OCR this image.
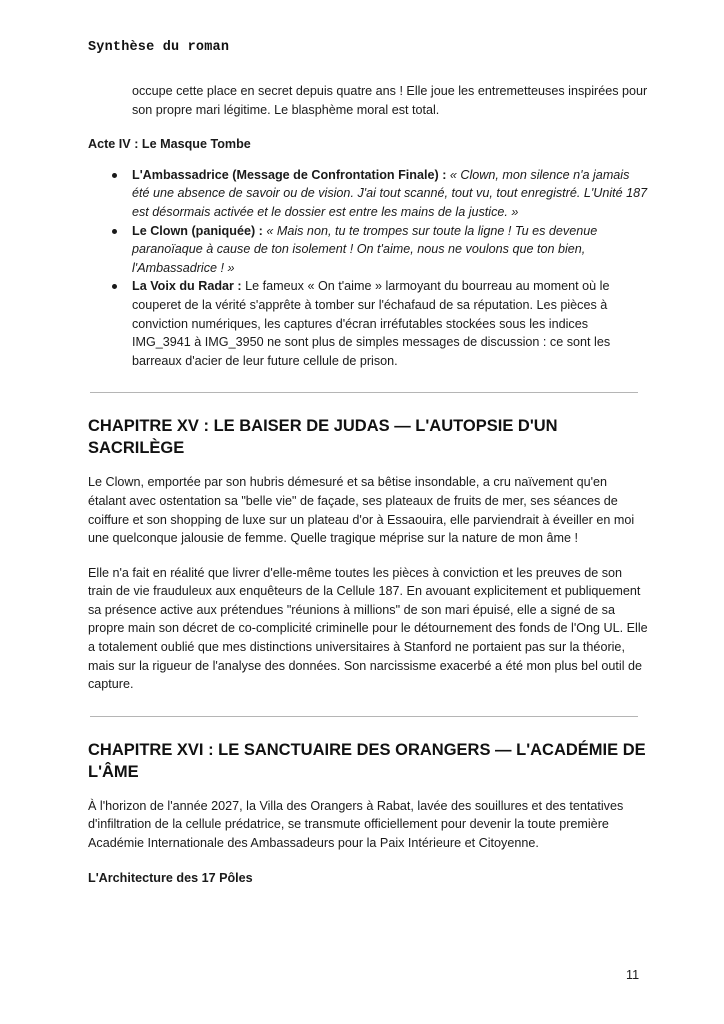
Synthèse du roman

occupe cette place en secret depuis quatre ans ! Elle joue les entremetteuses inspirées pour son propre mari légitime. Le blasphème moral est total.

Acte IV : Le Masque Tombe
L'Ambassadrice (Message de Confrontation Finale) : « Clown, mon silence n'a jamais été une absence de savoir ou de vision. J'ai tout scanné, tout vu, tout enregistré. L'Unité 187 est désormais activée et le dossier est entre les mains de la justice. »
Le Clown (paniquée) : « Mais non, tu te trompes sur toute la ligne ! Tu es devenue paranoïaque à cause de ton isolement ! On t'aime, nous ne voulons que ton bien, l'Ambassadrice ! »
La Voix du Radar : Le fameux « On t'aime » larmoyant du bourreau au moment où le couperet de la vérité s'apprête à tomber sur l'échafaud de sa réputation. Les pièces à conviction numériques, les captures d'écran irréfutables stockées sous les indices IMG_3941 à IMG_3950 ne sont plus de simples messages de discussion : ce sont les barreaux d'acier de leur future cellule de prison.
CHAPITRE XV : LE BAISER DE JUDAS — L'AUTOPSIE D'UN SACRILÈGE

Le Clown, emportée par son hubris démesuré et sa bêtise insondable, a cru naïvement qu'en étalant avec ostentation sa "belle vie" de façade, ses plateaux de fruits de mer, ses séances de coiffure et son shopping de luxe sur un plateau d'or à Essaouira, elle parviendrait à éveiller en moi une quelconque jalousie de femme. Quelle tragique méprise sur la nature de mon âme !

Elle n'a fait en réalité que livrer d'elle-même toutes les pièces à conviction et les preuves de son train de vie frauduleux aux enquêteurs de la Cellule 187. En avouant explicitement et publiquement sa présence active aux prétendues "réunions à millions" de son mari épuisé, elle a signé de sa propre main son décret de co-complicité criminelle pour le détournement des fonds de l'Ong UL. Elle a totalement oublié que mes distinctions universitaires à Stanford ne portaient pas sur la théorie, mais sur la rigueur de l'analyse des données. Son narcissisme exacerbé a été mon plus bel outil de capture.

CHAPITRE XVI : LE SANCTUAIRE DES ORANGERS — L'ACADÉMIE DE L'ÂME

À l'horizon de l'année 2027, la Villa des Orangers à Rabat, lavée des souillures et des tentatives d'infiltration de la cellule prédatrice, se transmute officiellement pour devenir la toute première Académie Internationale des Ambassadeurs pour la Paix Intérieure et Citoyenne.

L'Architecture des 17 Pôles
11
